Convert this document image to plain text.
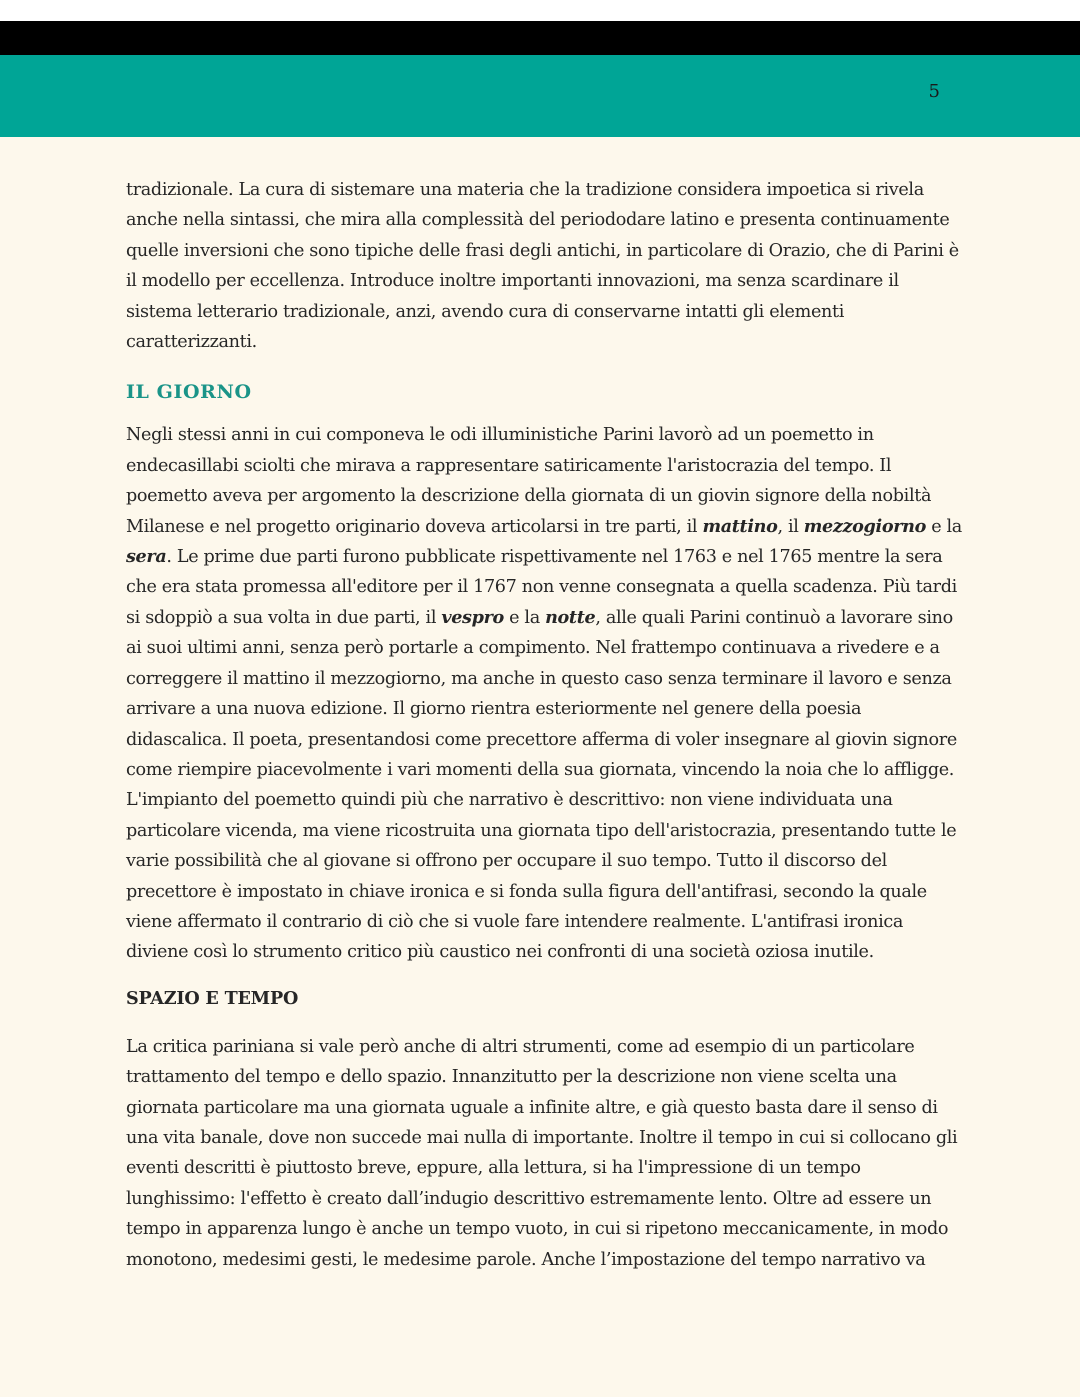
5

tradizionale. La cura di sistemare una materia che la tradizione considera impoetica si rivela anche nella sintassi, che mira alla complessità del periododare latino e presenta continuamente quelle inversioni che sono tipiche delle frasi degli antichi, in particolare di Orazio, che di Parini è il modello per eccellenza. Introduce inoltre importanti innovazioni, ma senza scardinare il sistema letterario tradizionale, anzi, avendo cura di conservarne intatti gli elementi caratterizzanti.

IL GIORNO

Negli stessi anni in cui componeva le odi illuministiche Parini lavorò ad un poemetto in endecasillabi sciolti che mirava a rappresentare satiricamente l'aristocrazia del tempo. Il poemetto aveva per argomento la descrizione della giornata di un giovin signore della nobiltà Milanese e nel progetto originario doveva articolarsi in tre parti, il mattino, il mezzogiorno e la sera. Le prime due parti furono pubblicate rispettivamente nel 1763 e nel 1765 mentre la sera che era stata promessa all'editore per il 1767 non venne consegnata a quella scadenza. Più tardi si sdoppiò a sua volta in due parti, il vespro e la notte, alle quali Parini continuò a lavorare sino ai suoi ultimi anni, senza però portarle a compimento. Nel frattempo continuava a rivedere e a correggere il mattino il mezzogiorno, ma anche in questo caso senza terminare il lavoro e senza arrivare a una nuova edizione. Il giorno rientra esteriormente nel genere della poesia didascalica. Il poeta, presentandosi come precettore afferma di voler insegnare al giovin signore come riempire piacevolmente i vari momenti della sua giornata, vincendo la noia che lo affligge. L'impianto del poemetto quindi più che narrativo è descrittivo: non viene individuata una particolare vicenda, ma viene ricostruita una giornata tipo dell'aristocrazia, presentando tutte le varie possibilità che al giovane si offrono per occupare il suo tempo. Tutto il discorso del precettore è impostato in chiave ironica e si fonda sulla figura dell'antifrasi, secondo la quale viene affermato il contrario di ciò che si vuole fare intendere realmente. L'antifrasi ironica diviene così lo strumento critico più caustico nei confronti di una società oziosa inutile.

SPAZIO E TEMPO

La critica pariniana si vale però anche di altri strumenti, come ad esempio di un particolare trattamento del tempo e dello spazio. Innanzitutto per la descrizione non viene scelta una giornata particolare ma una giornata uguale a infinite altre, e già questo basta dare il senso di una vita banale, dove non succede mai nulla di importante. Inoltre il tempo in cui si collocano gli eventi descritti è piuttosto breve, eppure, alla lettura, si ha l'impressione di un tempo lunghissimo: l'effetto è creato dall’indugio descrittivo estremamente lento. Oltre ad essere un tempo in apparenza lungo è anche un tempo vuoto, in cui si ripetono meccanicamente, in modo monotono, medesimi gesti, le medesime parole. Anche l’impostazione del tempo narrativo va
